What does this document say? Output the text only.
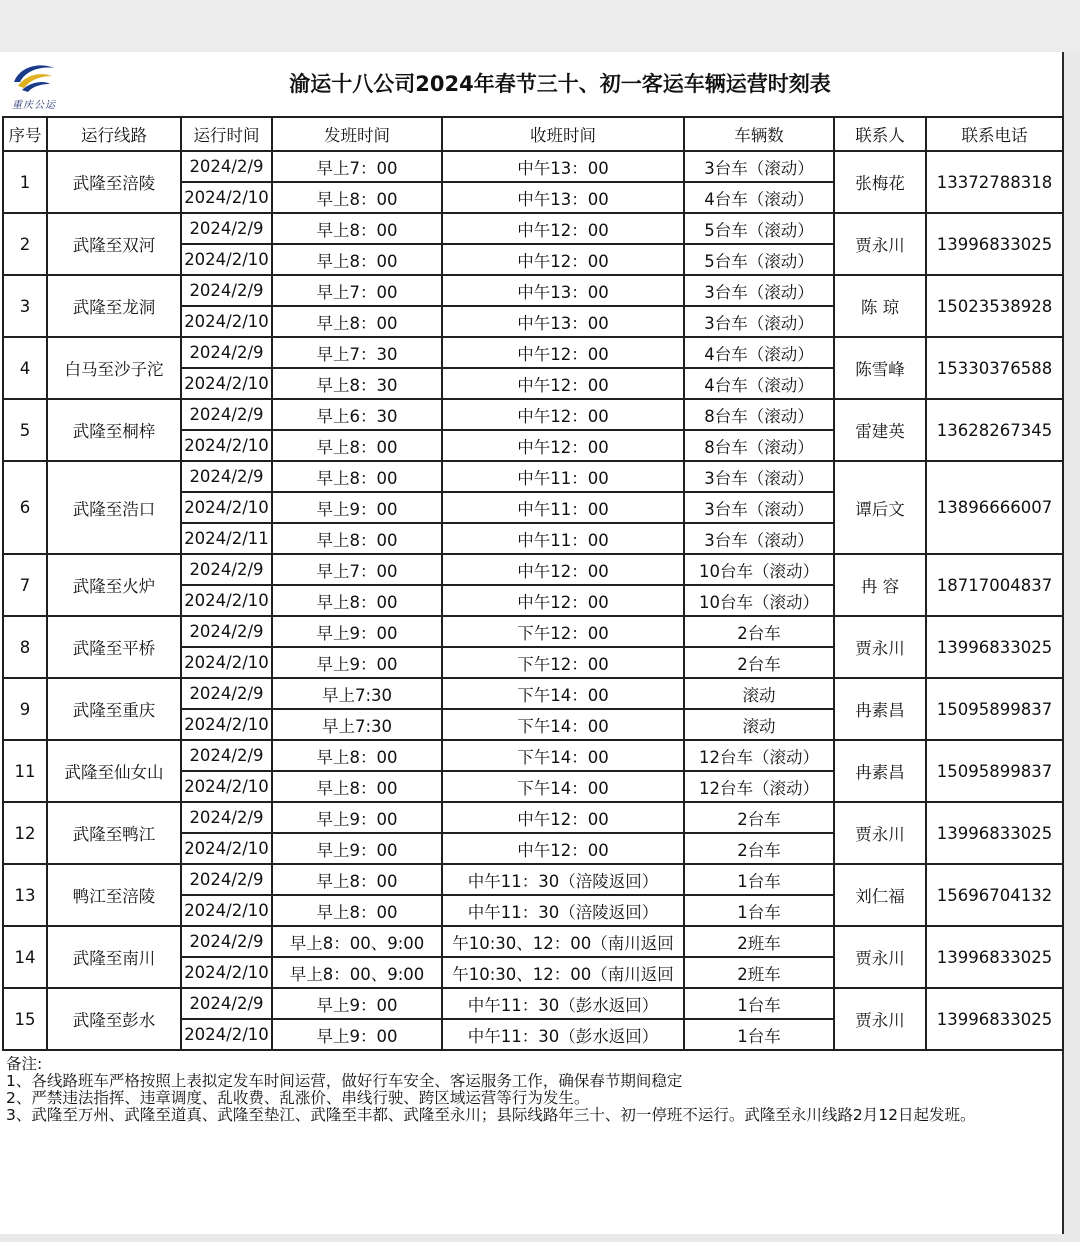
重庆公运
渝运十八公司2024年春节三十、初一客运车辆运营时刻表
序号	运行线路	运行时间	发班时间	收班时间	车辆数	联系人	联系电话
1	武隆至涪陵	2024/2/9	早上7：00	中午13：00	3台车（滚动）	张梅花	13372788318
		2024/2/10	早上8：00	中午13：00	4台车（滚动）		
2	武隆至双河	2024/2/9	早上8：00	中午12：00	5台车（滚动）	贾永川	13996833025
		2024/2/10	早上8：00	中午12：00	5台车（滚动）		
3	武隆至龙洞	2024/2/9	早上7：00	中午13：00	3台车（滚动）	陈 琼	15023538928
		2024/2/10	早上8：00	中午13：00	3台车（滚动）		
4	白马至沙子沱	2024/2/9	早上7：30	中午12：00	4台车（滚动）	陈雪峰	15330376588
		2024/2/10	早上8：30	中午12：00	4台车（滚动）		
5	武隆至桐梓	2024/2/9	早上6：30	中午12：00	8台车（滚动）	雷建英	13628267345
		2024/2/10	早上8：00	中午12：00	8台车（滚动）		
6	武隆至浩口	2024/2/9	早上8：00	中午11：00	3台车（滚动）	谭后文	13896666007
		2024/2/10	早上9：00	中午11：00	3台车（滚动）		
		2024/2/11	早上8：00	中午11：00	3台车（滚动）		
7	武隆至火炉	2024/2/9	早上7：00	中午12：00	10台车（滚动）	冉 容	18717004837
		2024/2/10	早上8：00	中午12：00	10台车（滚动）		
8	武隆至平桥	2024/2/9	早上9：00	下午12：00	2台车	贾永川	13996833025
		2024/2/10	早上9：00	下午12：00	2台车		
9	武隆至重庆	2024/2/9	早上7:30	下午14：00	滚动	冉素昌	15095899837
		2024/2/10	早上7:30	下午14：00	滚动		
11	武隆至仙女山	2024/2/9	早上8：00	下午14：00	12台车（滚动）	冉素昌	15095899837
		2024/2/10	早上8：00	下午14：00	12台车（滚动）		
12	武隆至鸭江	2024/2/9	早上9：00	中午12：00	2台车	贾永川	13996833025
		2024/2/10	早上9：00	中午12：00	2台车		
13	鸭江至涪陵	2024/2/9	早上8：00	中午11：30（涪陵返回）	1台车	刘仁福	15696704132
		2024/2/10	早上8：00	中午11：30（涪陵返回）	1台车		
14	武隆至南川	2024/2/9	早上8：00、9:00	午10:30、12：00（南川返回	2班车	贾永川	13996833025
		2024/2/10	早上8：00、9:00	午10:30、12：00（南川返回	2班车		
15	武隆至彭水	2024/2/9	早上9：00	中午11：30（彭水返回）	1台车	贾永川	13996833025
		2024/2/10	早上9：00	中午11：30（彭水返回）	1台车		

备注:

1、各线路班车严格按照上表拟定发车时间运营，做好行车安全、客运服务工作，确保春节期间稳定

2、严禁违法指挥、违章调度、乱收费、乱涨价、串线行驶、跨区域运营等行为发生。

3、武隆至万州、武隆至道真、武隆至垫江、武隆至丰都、武隆至永川；县际线路年三十、初一停班不运行。武隆至永川线路2月12日起发班。
